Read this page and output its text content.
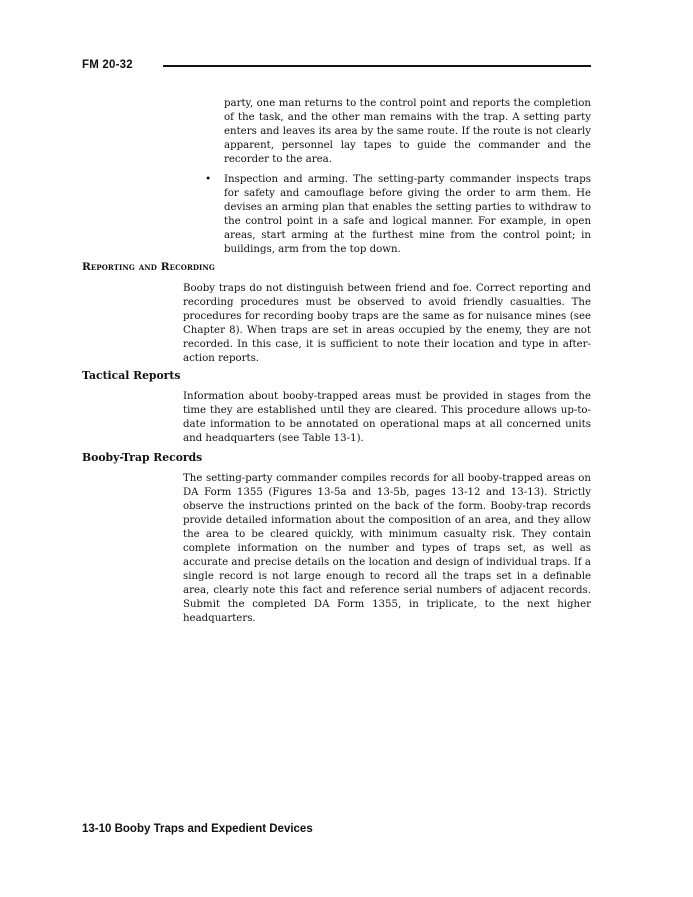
FM 20-32

party, one man returns to the control point and reports the completion of the task, and the other man remains with the trap. A setting party enters and leaves its area by the same route. If the route is not clearly apparent, personnel lay tapes to guide the commander and the recorder to the area.

• Inspection and arming. The setting-party commander inspects traps for safety and camouflage before giving the order to arm them. He devises an arming plan that enables the setting parties to withdraw to the control point in a safe and logical manner. For example, in open areas, start arming at the furthest mine from the control point; in buildings, arm from the top down.

Reporting and Recording

Booby traps do not distinguish between friend and foe. Correct reporting and recording procedures must be observed to avoid friendly casualties. The procedures for recording booby traps are the same as for nuisance mines (see Chapter 8). When traps are set in areas occupied by the enemy, they are not recorded. In this case, it is sufficient to note their location and type in after-action reports.

Tactical Reports

Information about booby-trapped areas must be provided in stages from the time they are established until they are cleared. This procedure allows up-to-date information to be annotated on operational maps at all concerned units and headquarters (see Table 13-1).

Booby-Trap Records

The setting-party commander compiles records for all booby-trapped areas on DA Form 1355 (Figures 13-5a and 13-5b, pages 13-12 and 13-13). Strictly observe the instructions printed on the back of the form. Booby-trap records provide detailed information about the composition of an area, and they allow the area to be cleared quickly, with minimum casualty risk. They contain complete information on the number and types of traps set, as well as accurate and precise details on the location and design of individual traps. If a single record is not large enough to record all the traps set in a definable area, clearly note this fact and reference serial numbers of adjacent records. Submit the completed DA Form 1355, in triplicate, to the next higher headquarters.

13-10 Booby Traps and Expedient Devices
